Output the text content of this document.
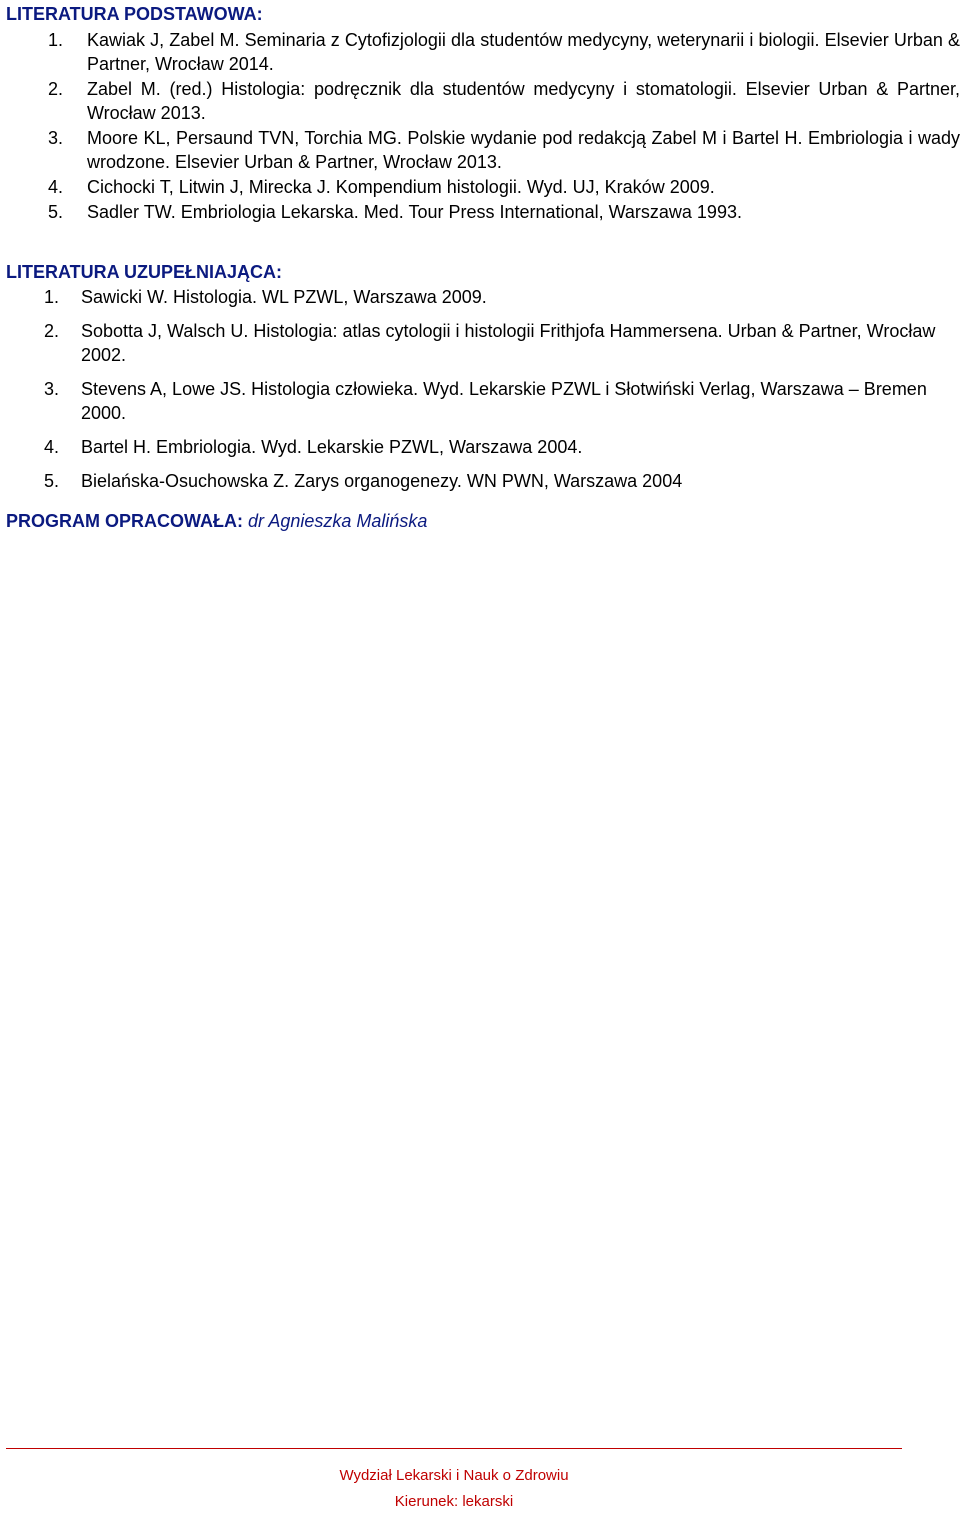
LITERATURA PODSTAWOWA:
1.	Kawiak J, Zabel M. Seminaria z Cytofizjologii dla studentów medycyny, weterynarii i biologii. Elsevier Urban & Partner, Wrocław 2014.
2.	Zabel M. (red.) Histologia: podręcznik dla studentów medycyny i stomatologii. Elsevier Urban & Partner, Wrocław 2013.
3.	Moore KL, Persaund TVN, Torchia MG. Polskie wydanie pod redakcją Zabel M i Bartel H. Embriologia i wady wrodzone. Elsevier Urban & Partner, Wrocław 2013.
4.	Cichocki T, Litwin J, Mirecka J. Kompendium histologii. Wyd. UJ, Kraków 2009.
5.	Sadler TW. Embriologia Lekarska. Med. Tour Press International, Warszawa 1993.
LITERATURA UZUPEŁNIAJĄCA:
1.	Sawicki W. Histologia. WL PZWL, Warszawa 2009.
2.	Sobotta J, Walsch U. Histologia: atlas cytologii i histologii Frithjofa Hammersena. Urban & Partner, Wrocław 2002.
3.	Stevens A, Lowe JS. Histologia człowieka. Wyd. Lekarskie PZWL i Słotwiński Verlag, Warszawa – Bremen 2000.
4.	Bartel H. Embriologia. Wyd. Lekarskie PZWL, Warszawa 2004.
5.	Bielańska-Osuchowska Z. Zarys organogenezy. WN PWN, Warszawa 2004
PROGRAM OPRACOWAŁA: dr Agnieszka Malińska
Wydział Lekarski i Nauk o Zdrowiu
Kierunek: lekarski
